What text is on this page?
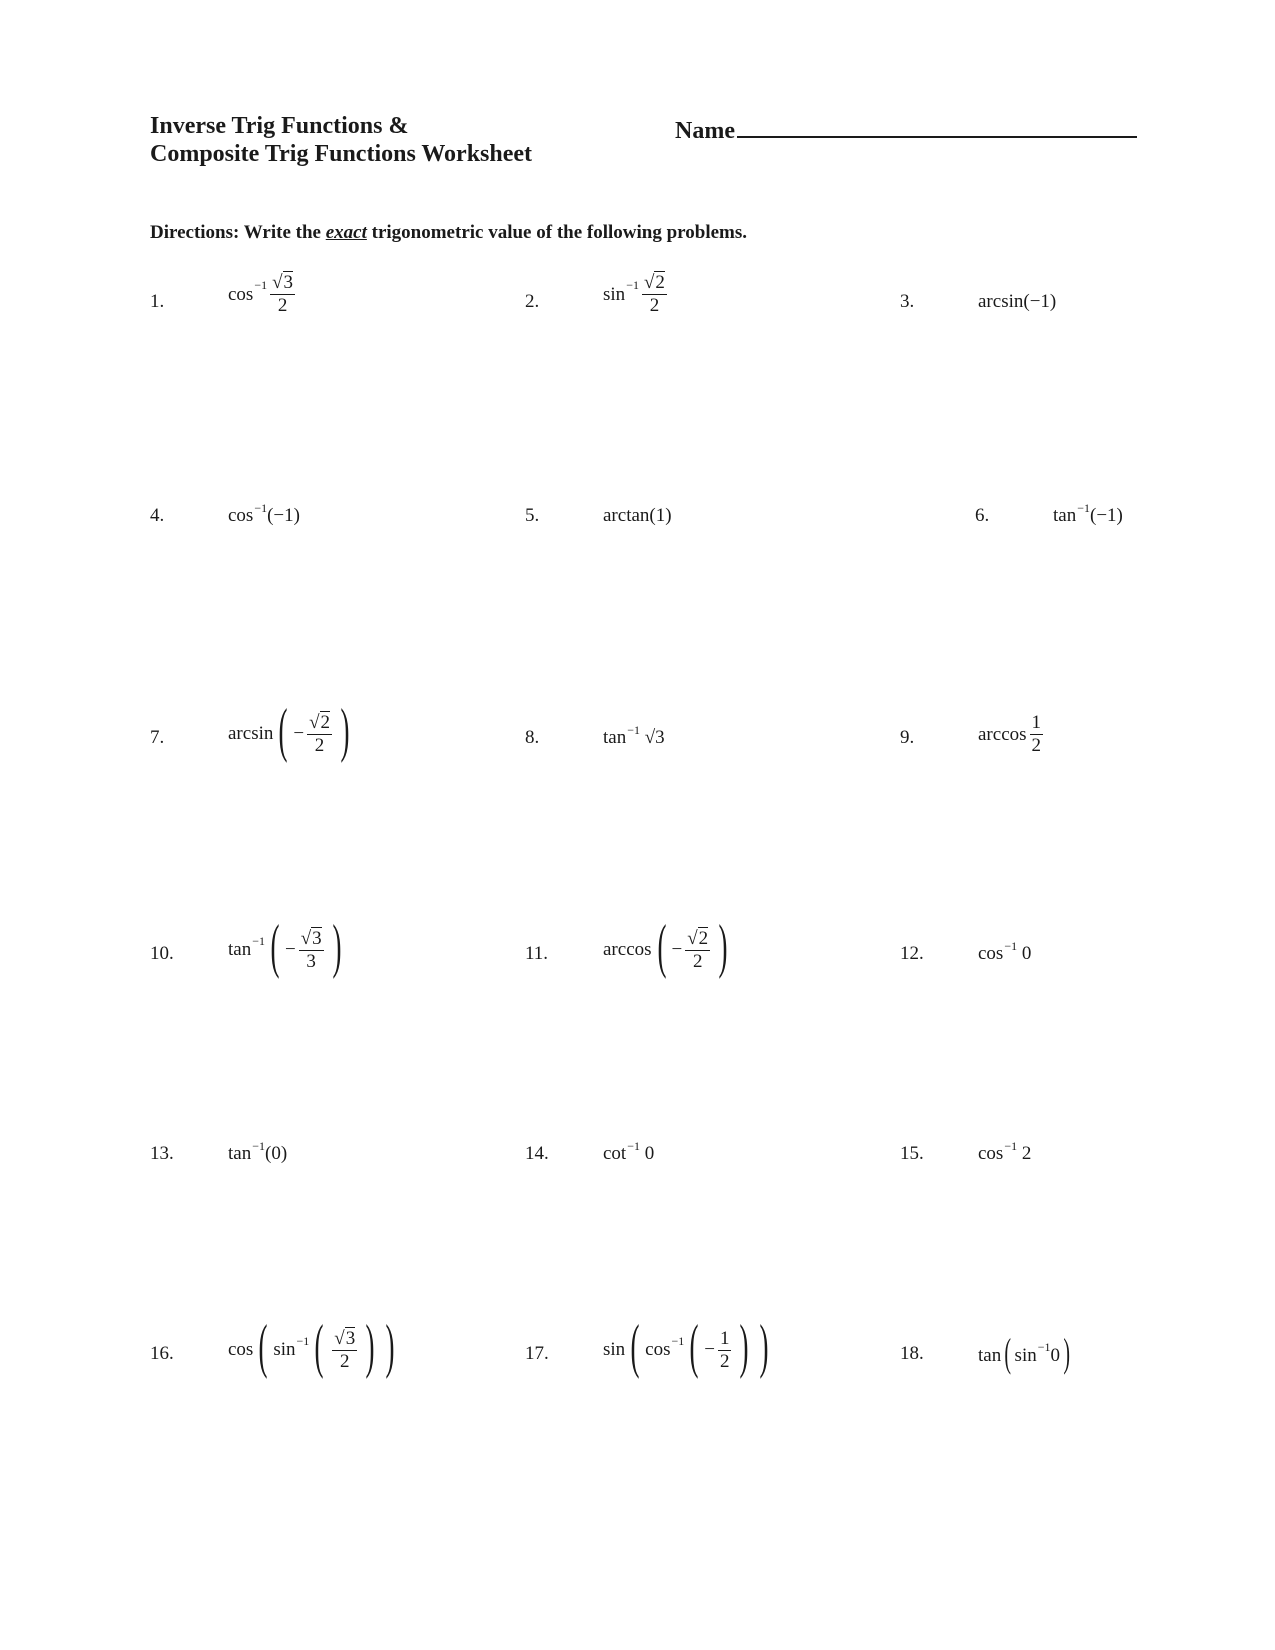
Inverse Trig Functions &
Composite Trig Functions Worksheet
Name
Directions: Write the exact trigonometric value of the following problems.
1.	$\cos -1 \frac{√3}{2}$	2.	$\sin -1 \frac{√2}{2}$	3.	arcsin(−1)
4.	$\cos^{-1}(-1)$	5.	arctan(1)	6.	$\tan^{-1}(-1)$
7.	arcsin ( − $\frac{√2}{2}$ )	8.	$\tan^{-1} √3$	9.	$\arccos \frac{1}{2}$
10.	tan −1 ( − $\frac{√3}{3}$ )	11.	arccos ( − $\frac{√2}{2}$ )	12.	$\cos^{-1} 0$
13.	$\tan^{-1}(0)$	14.	$\cot^{-1} 0$	15.	$\cos^{-1} 2$
16.	cos ( sin −1 ( $\frac{√3}{2}$ ) )	17.	sin ( cos −1 ( − $\frac{1}{2}$ ) )	18.	tan ( sin −1 0 )
